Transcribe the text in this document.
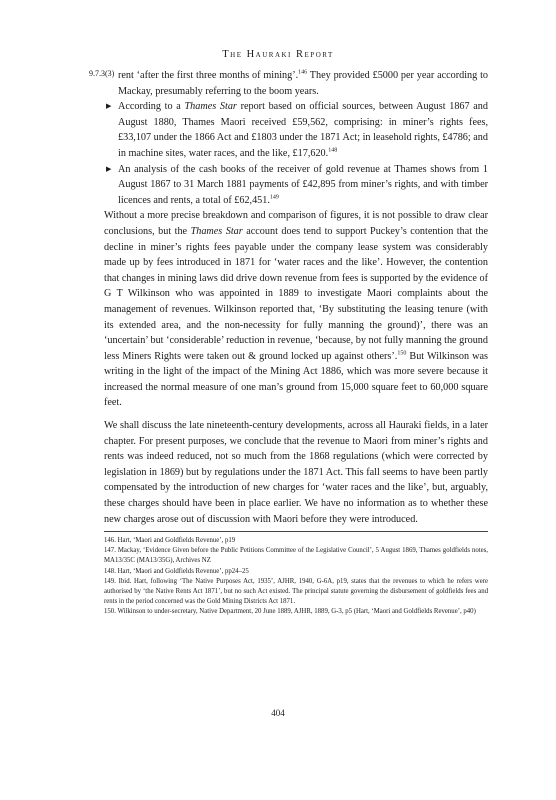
The Hauraki Report
9.7.3(3) rent ‘after the first three months of mining’.$^{146}$ They provided £5000 per year according to Mackay, presumably referring to the boom years.

▶ According to a Thames Star report based on official sources, between August 1867 and August 1880, Thames Maori received £59,562, comprising: in miner’s rights fees, £33,107 under the 1866 Act and £1803 under the 1871 Act; in leasehold rights, £4786; and in machine sites, water races, and the like, £17,620.$^{148}$

▶ An analysis of the cash books of the receiver of gold revenue at Thames shows from 1 August 1867 to 31 March 1881 payments of £42,895 from miner’s rights, and with timber licences and rents, a total of £62,451.$^{149}$

Without a more precise breakdown and comparison of figures, it is not possible to draw clear conclusions, but the Thames Star account does tend to support Puckey’s contention that the decline in miner’s rights fees payable under the company lease system was considerably made up by fees introduced in 1871 for ‘water races and the like’. However, the contention that changes in mining laws did drive down revenue from fees is supported by the evidence of G T Wilkinson who was appointed in 1889 to investigate Maori complaints about the management of revenues. Wilkinson reported that, ‘By substituting the leasing tenure (with its extended area, and the non-necessity for fully manning the ground)’, there was an ‘uncertain’ but ‘considerable’ reduction in revenue, ‘because, by not fully manning the ground less Miners Rights were taken out & ground locked up against others’.$^{150}$ But Wilkinson was writing in the light of the impact of the Mining Act 1886, which was more severe because it increased the normal measure of one man’s ground from 15,000 square feet to 60,000 square feet.

We shall discuss the late nineteenth-century developments, across all Hauraki fields, in a later chapter. For present purposes, we conclude that the revenue to Maori from miner’s rights and rents was indeed reduced, not so much from the 1868 regulations (which were corrected by legislation in 1869) but by regulations under the 1871 Act. This fall seems to have been partly compensated by the introduction of new charges for ‘water races and the like’, but, arguably, these charges should have been in place earlier. We have no information as to whether these new charges arose out of discussion with Maori before they were introduced.

146. Hart, ‘Maori and Goldfields Revenue’, p19

147. Mackay, ‘Evidence Given before the Public Petitions Committee of the Legislative Council’, 5 August 1869, Thames goldfields notes, MA13/35C (MA13/35G), Archives NZ

148. Hart, ‘Maori and Goldfields Revenue’, pp24–25

149. Ibid. Hart, following ‘The Native Purposes Act, 1935’, AJHR, 1940, G-6A, p19, states that the revenues to which he refers were authorised by ‘the Native Rents Act 1871’, but no such Act existed. The principal statute governing the disbursement of goldfields fees and rents in the period concerned was the Gold Mining Districts Act 1871.

150. Wilkinson to under-secretary, Native Department, 20 June 1889, AJHR, 1889, G-3, p5 (Hart, ‘Maori and Goldfields Revenue’, p40)

404
